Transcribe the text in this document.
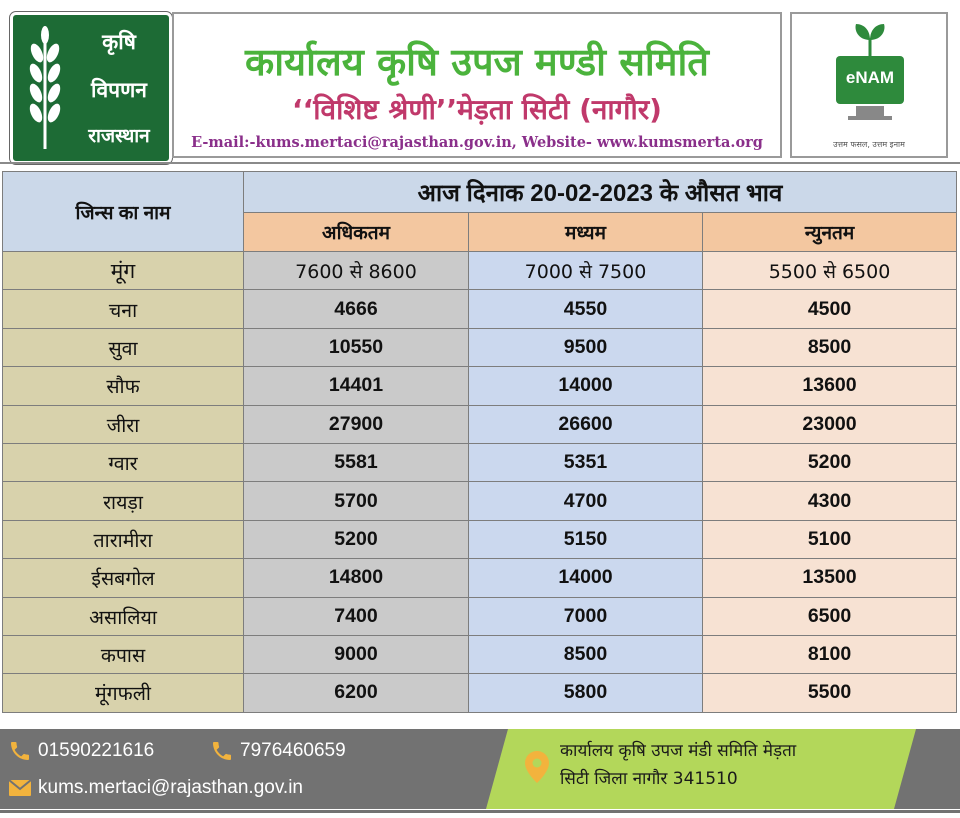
कृषि
विपणन
राजस्थान
कार्यालय कृषि उपज मण्डी समिति
‘‘विशिष्ट श्रेणी’’मेड़ता सिटी (नागौर)
E-mail:-kums.mertaci@rajasthan.gov.in, Website- www.kumsmerta.org
eNAM
उत्तम फसल, उत्तम इनाम
जिन्स का नाम	आज दिनाक 20-02-2023 के औसत भाव		
	अधिकतम	मध्यम	न्युनतम
मूंग	7600 से 8600	7000 से 7500	5500 से 6500
चना	4666	4550	4500
सुवा	10550	9500	8500
सौफ	14401	14000	13600
जीरा	27900	26600	23000
ग्वार	5581	5351	5200
रायड़ा	5700	4700	4300
तारामीरा	5200	5150	5100
ईसबगोल	14800	14000	13500
असालिया	7400	7000	6500
कपास	9000	8500	8100
मूंगफली	6200	5800	5500
01590221616	7976460659
kums.mertaci@rajasthan.gov.in
कार्यालय कृषि उपज मंडी समिति मेड़ता
सिटी जिला नागौर 341510
